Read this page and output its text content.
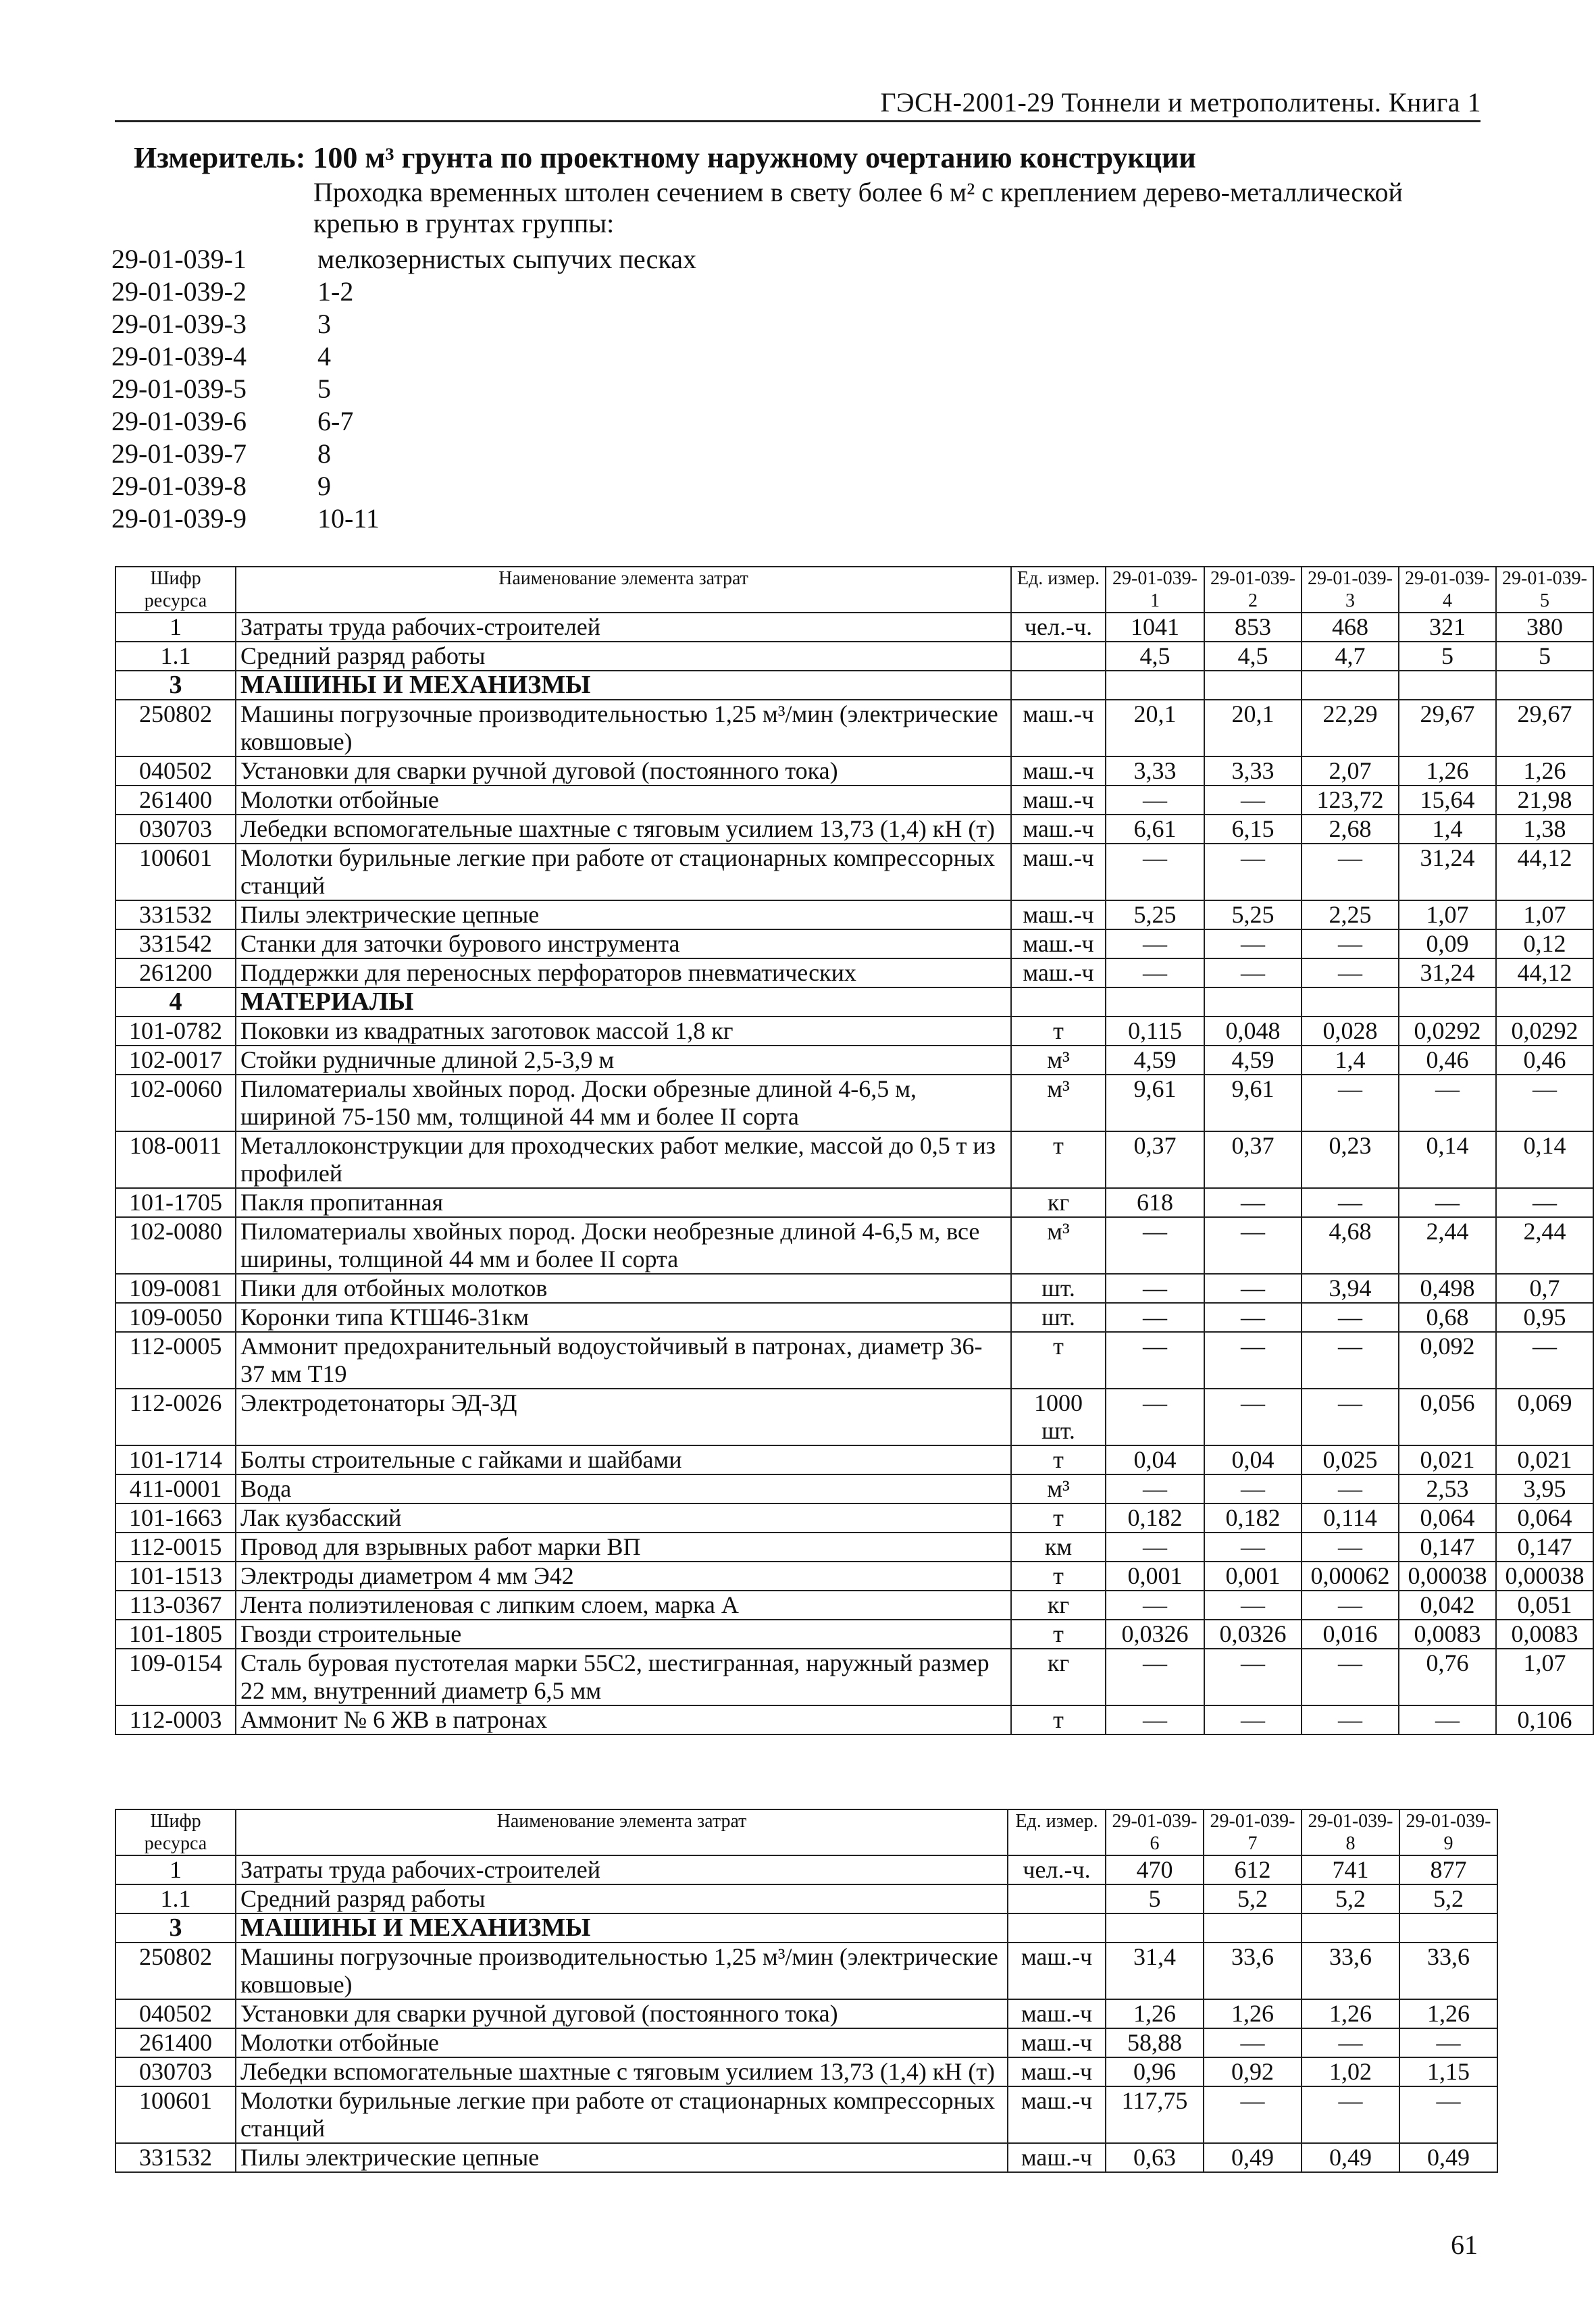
ГЭСН-2001-29 Тоннели и метрополитены. Книга 1
Измеритель: 100 м³ грунта по проектному наружному очертанию конструкции
Проходка временных штолен сечением в свету более 6 м² с креплением дерево-металлической крепью в грунтах группы:
29-01-039-1	мелкозернистых сыпучих песках
29-01-039-2	1-2
29-01-039-3	3
29-01-039-4	4
29-01-039-5	5
29-01-039-6	6-7
29-01-039-7	8
29-01-039-8	9
29-01-039-9	10-11
Шифр ресурса	Наименование элемента затрат	Ед. измер.	29-01-039-1	29-01-039-2	29-01-039-3	29-01-039-4	29-01-039-5
1	Затраты труда рабочих-строителей	чел.-ч.	1041	853	468	321	380
1.1	Средний разряд работы		4,5	4,5	4,7	5	5
3	МАШИНЫ И МЕХАНИЗМЫ						
250802	Машины погрузочные производительностью 1,25 м³/мин (электрические ковшовые)	маш.-ч	20,1	20,1	22,29	29,67	29,67
040502	Установки для сварки ручной дуговой (постоянного тока)	маш.-ч	3,33	3,33	2,07	1,26	1,26
261400	Молотки отбойные	маш.-ч	—	—	123,72	15,64	21,98
030703	Лебедки вспомогательные шахтные с тяговым усилием 13,73 (1,4) кН (т)	маш.-ч	6,61	6,15	2,68	1,4	1,38
100601	Молотки бурильные легкие при работе от стационарных компрессорных станций	маш.-ч	—	—	—	31,24	44,12
331532	Пилы электрические цепные	маш.-ч	5,25	5,25	2,25	1,07	1,07
331542	Станки для заточки бурового инструмента	маш.-ч	—	—	—	0,09	0,12
261200	Поддержки для переносных перфораторов пневматических	маш.-ч	—	—	—	31,24	44,12
4	МАТЕРИАЛЫ						
101-0782	Поковки из квадратных заготовок массой 1,8 кг	т	0,115	0,048	0,028	0,0292	0,0292
102-0017	Стойки рудничные длиной 2,5-3,9 м	м³	4,59	4,59	1,4	0,46	0,46
102-0060	Пиломатериалы хвойных пород. Доски обрезные длиной 4-6,5 м, шириной 75-150 мм, толщиной 44 мм и более II сорта	м³	9,61	9,61	—	—	—
108-0011	Металлоконструкции для проходческих работ мелкие, массой до 0,5 т из профилей	т	0,37	0,37	0,23	0,14	0,14
101-1705	Пакля пропитанная	кг	618	—	—	—	—
102-0080	Пиломатериалы хвойных пород. Доски необрезные длиной 4-6,5 м, все ширины, толщиной 44 мм и более II сорта	м³	—	—	4,68	2,44	2,44
109-0081	Пики для отбойных молотков	шт.	—	—	3,94	0,498	0,7
109-0050	Коронки типа КТШ46-31км	шт.	—	—	—	0,68	0,95
112-0005	Аммонит предохранительный водоустойчивый в патронах, диаметр 36-37 мм Т19	т	—	—	—	0,092	—
112-0026	Электродетонаторы ЭД-ЗД	1000 шт.	—	—	—	0,056	0,069
101-1714	Болты строительные с гайками и шайбами	т	0,04	0,04	0,025	0,021	0,021
411-0001	Вода	м³	—	—	—	2,53	3,95
101-1663	Лак кузбасский	т	0,182	0,182	0,114	0,064	0,064
112-0015	Провод для взрывных работ марки ВП	км	—	—	—	0,147	0,147
101-1513	Электроды диаметром 4 мм Э42	т	0,001	0,001	0,00062	0,00038	0,00038
113-0367	Лента полиэтиленовая с липким слоем, марка А	кг	—	—	—	0,042	0,051
101-1805	Гвозди строительные	т	0,0326	0,0326	0,016	0,0083	0,0083
109-0154	Сталь буровая пустотелая марки 55С2, шестигранная, наружный размер 22 мм, внутренний диаметр 6,5 мм	кг	—	—	—	0,76	1,07
112-0003	Аммонит № 6 ЖВ в патронах	т	—	—	—	—	0,106
Шифр ресурса	Наименование элемента затрат	Ед. измер.	29-01-039-6	29-01-039-7	29-01-039-8	29-01-039-9
1	Затраты труда рабочих-строителей	чел.-ч.	470	612	741	877
1.1	Средний разряд работы		5	5,2	5,2	5,2
3	МАШИНЫ И МЕХАНИЗМЫ					
250802	Машины погрузочные производительностью 1,25 м³/мин (электрические ковшовые)	маш.-ч	31,4	33,6	33,6	33,6
040502	Установки для сварки ручной дуговой (постоянного тока)	маш.-ч	1,26	1,26	1,26	1,26
261400	Молотки отбойные	маш.-ч	58,88	—	—	—
030703	Лебедки вспомогательные шахтные с тяговым усилием 13,73 (1,4) кН (т)	маш.-ч	0,96	0,92	1,02	1,15
100601	Молотки бурильные легкие при работе от стационарных компрессорных станций	маш.-ч	117,75	—	—	—
331532	Пилы электрические цепные	маш.-ч	0,63	0,49	0,49	0,49
61
